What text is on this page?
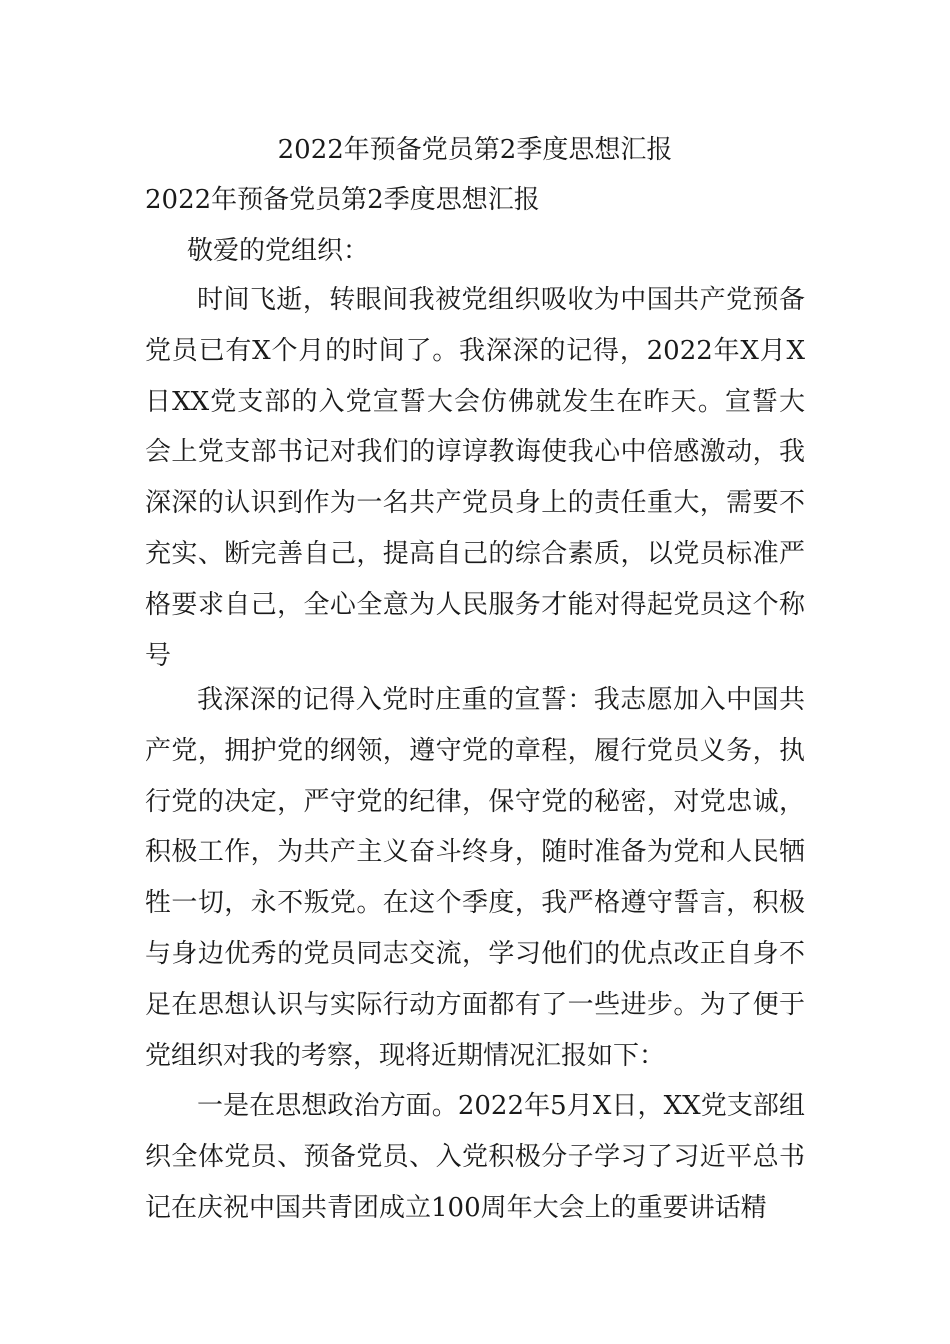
2022年预备党员第2季度思想汇报
2022年预备党员第2季度思想汇报

敬爱的党组织：

时间飞逝，转眼间我被党组织吸收为中国共产党预备党员已有X个月的时间了。我深深的记得，2022年X月X日XX党支部的入党宣誓大会仿佛就发生在昨天。宣誓大会上党支部书记对我们的谆谆教诲使我心中倍感激动，我深深的认识到作为一名共产党员身上的责任重大，需要不充实、断完善自己，提高自己的综合素质，以党员标准严格要求自己，全心全意为人民服务才能对得起党员这个称号

我深深的记得入党时庄重的宣誓：我志愿加入中国共产党，拥护党的纲领，遵守党的章程，履行党员义务，执行党的决定，严守党的纪律，保守党的秘密，对党忠诚，积极工作，为共产主义奋斗终身，随时准备为党和人民牺牲一切，永不叛党。在这个季度，我严格遵守誓言，积极与身边优秀的党员同志交流，学习他们的优点改正自身不足在思想认识与实际行动方面都有了一些进步。为了便于党组织对我的考察，现将近期情况汇报如下：

一是在思想政治方面。2022年5月X日，XX党支部组织全体党员、预备党员、入党积极分子学习了习近平总书记在庆祝中国共青团成立100周年大会上的重要讲话精
